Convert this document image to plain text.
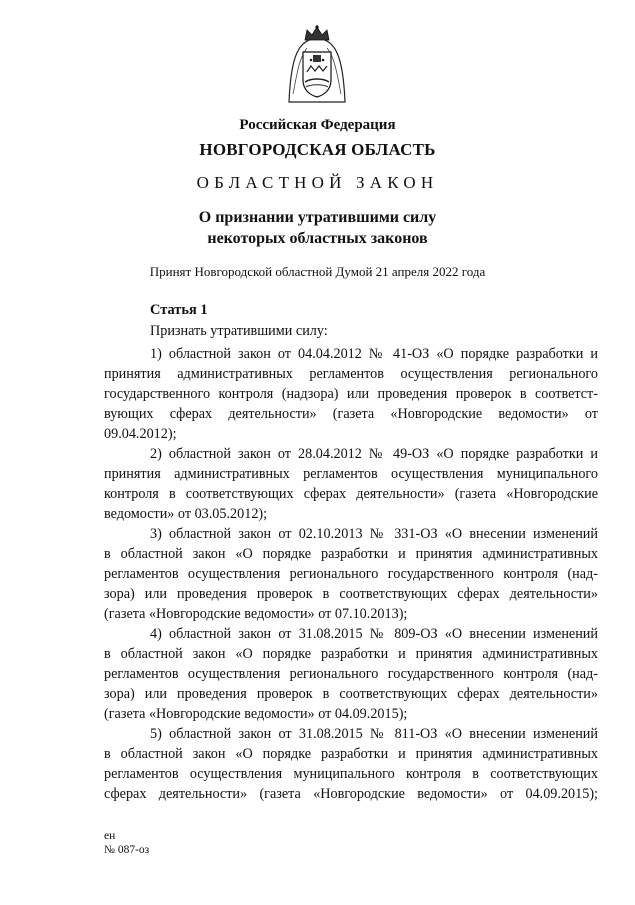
Российская Федерация
НОВГОРОДСКАЯ ОБЛАСТЬ
ОБЛАСТНОЙ ЗАКОН
О признании утратившими силу
некоторых областных законов
Принят Новгородской областной Думой 21 апреля 2022 года
Статья 1
Признать утратившими силу:
1) областной закон от 04.04.2012 № 41-ОЗ «О порядке разработки и
принятия административных регламентов осуществления регионального
государственного контроля (надзора) или проведения проверок в соответст-
вующих сферах деятельности» (газета «Новгородские ведомости» от
09.04.2012);
2) областной закон от 28.04.2012 № 49-ОЗ «О порядке разработки и
принятия административных регламентов осуществления муниципального
контроля в соответствующих сферах деятельности» (газета «Новгородские
ведомости» от 03.05.2012);
3) областной закон от 02.10.2013 № 331-ОЗ «О внесении изменений
в областной закон «О порядке разработки и принятия административных
регламентов осуществления регионального государственного контроля (над-
зора) или проведения проверок в соответствующих сферах деятельности»
(газета «Новгородские ведомости» от 07.10.2013);
4) областной закон от 31.08.2015 № 809-ОЗ «О внесении изменений
в областной закон «О порядке разработки и принятия административных
регламентов осуществления регионального государственного контроля (над-
зора) или проведения проверок в соответствующих сферах деятельности»
(газета «Новгородские ведомости» от 04.09.2015);
5) областной закон от 31.08.2015 № 811-ОЗ «О внесении изменений
в областной закон «О порядке разработки и принятия административных
регламентов осуществления муниципального контроля в соответствующих
сферах деятельности» (газета «Новгородские ведомости» от 04.09.2015);
ен
№ 087-оз
